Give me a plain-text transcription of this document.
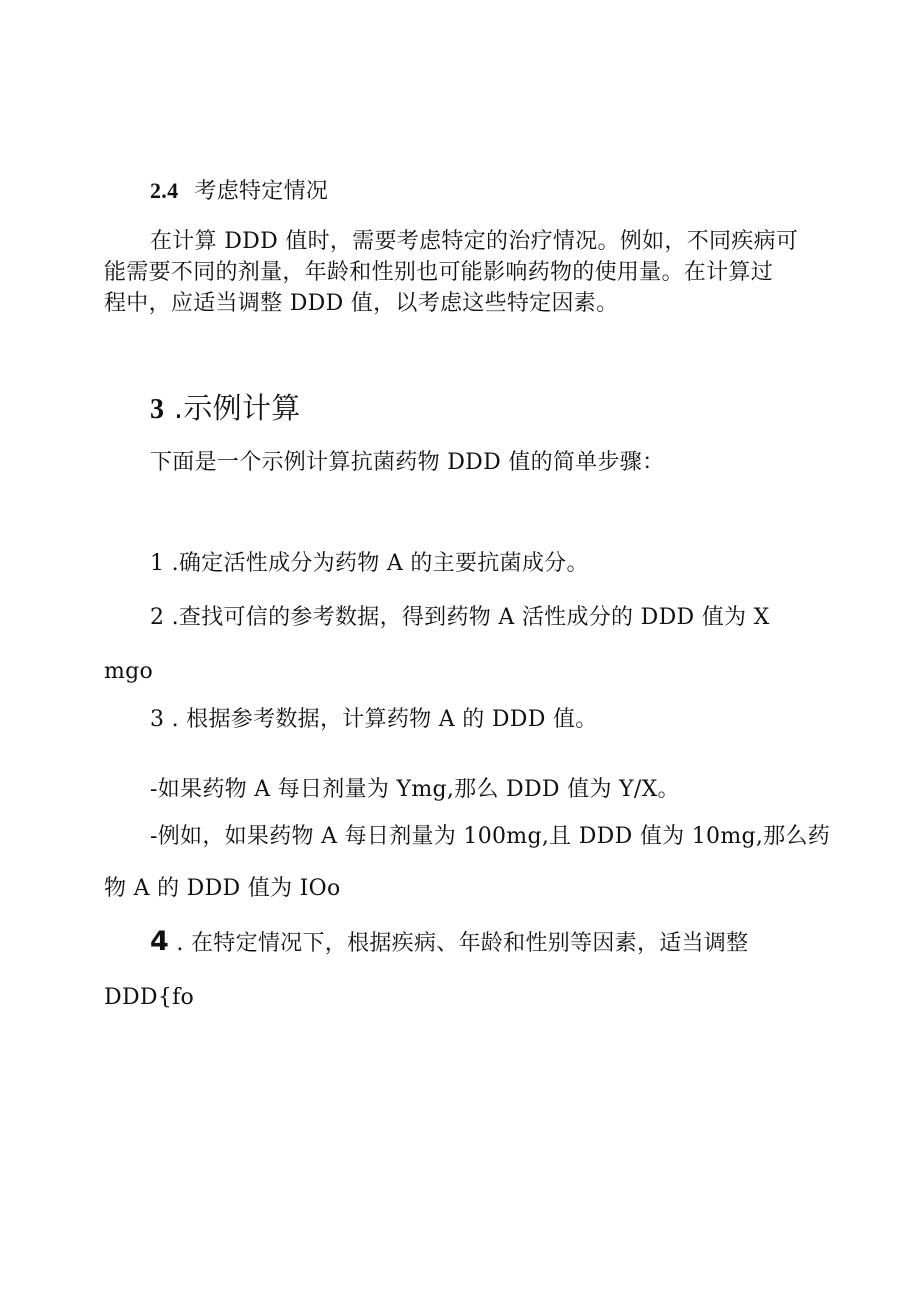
2.4 考虑特定情况
在计算 DDD 值时，需要考虑特定的治疗情况。例如，不同疾病可
能需要不同的剂量，年龄和性别也可能影响药物的使用量。在计算过
程中，应适当调整 DDD 值，以考虑这些特定因素。
3 .示例计算
下面是一个示例计算抗菌药物 DDD 值的简单步骤：
1 .确定活性成分为药物 A 的主要抗菌成分。
2 .查找可信的参考数据，得到药物 A 活性成分的 DDD 值为 X
mgo
3 . 根据参考数据，计算药物 A 的 DDD 值。
-如果药物 A 每日剂量为 Ymg,那么 DDD 值为 Y/X。
-例如，如果药物 A 每日剂量为 100mg,且 DDD 值为 10mg,那么药
物 A 的 DDD 值为 IOo
4 . 在特定情况下，根据疾病、年龄和性别等因素，适当调整
DDD{fo
